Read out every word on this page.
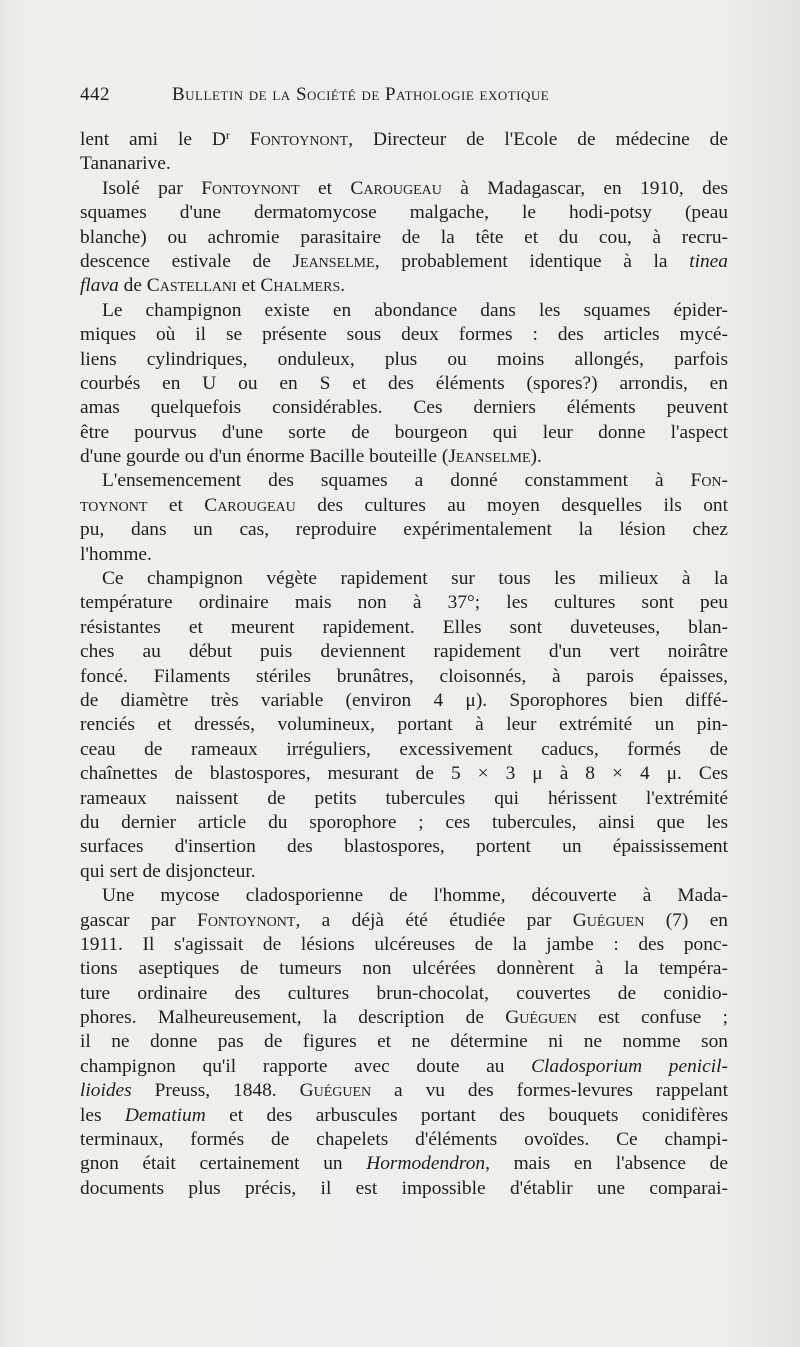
442	Bulletin de la Société de Pathologie exotique
lent ami le $D^r$ Fontoynont, Directeur de l'Ecole de médecine de
Tananarive.
Isolé par Fontoynont et Carougeau à Madagascar, en 1910, des
squames d'une dermatomycose malgache, le hodi-potsy (peau
blanche) ou achromie parasitaire de la tête et du cou, à recru-
descence estivale de Jeanselme, probablement identique à la tinea
flava de Castellani et Chalmers.
Le champignon existe en abondance dans les squames épider-
miques où il se présente sous deux formes : des articles mycé-
liens cylindriques, onduleux, plus ou moins allongés, parfois
courbés en U ou en S et des éléments (spores?) arrondis, en
amas quelquefois considérables. Ces derniers éléments peuvent
être pourvus d'une sorte de bourgeon qui leur donne l'aspect
d'une gourde ou d'un énorme Bacille bouteille (Jeanselme).
L'ensemencement des squames a donné constamment à Fon-
toynont et Carougeau des cultures au moyen desquelles ils ont
pu, dans un cas, reproduire expérimentalement la lésion chez
l'homme.
Ce champignon végète rapidement sur tous les milieux à la
température ordinaire mais non à 37°; les cultures sont peu
résistantes et meurent rapidement. Elles sont duveteuses, blan-
ches au début puis deviennent rapidement d'un vert noirâtre
foncé. Filaments stériles brunâtres, cloisonnés, à parois épaisses,
de diamètre très variable (environ 4 μ). Sporophores bien diffé-
renciés et dressés, volumineux, portant à leur extrémité un pin-
ceau de rameaux irréguliers, excessivement caducs, formés de
chaînettes de blastospores, mesurant de 5 × 3 μ à 8 × 4 μ. Ces
rameaux naissent de petits tubercules qui hérissent l'extrémité
du dernier article du sporophore ; ces tubercules, ainsi que les
surfaces d'insertion des blastospores, portent un épaississement
qui sert de disjoncteur.
Une mycose cladosporienne de l'homme, découverte à Mada-
gascar par Fontoynont, a déjà été étudiée par Guéguen (7) en
1911. Il s'agissait de lésions ulcéreuses de la jambe : des ponc-
tions aseptiques de tumeurs non ulcérées donnèrent à la tempéra-
ture ordinaire des cultures brun-chocolat, couvertes de conidio-
phores. Malheureusement, la description de Guéguen est confuse ;
il ne donne pas de figures et ne détermine ni ne nomme son
champignon qu'il rapporte avec doute au Cladosporium penicil-
lioides Preuss, 1848. Guéguen a vu des formes-levures rappelant
les Dematium et des arbuscules portant des bouquets conidifères
terminaux, formés de chapelets d'éléments ovoïdes. Ce champi-
gnon était certainement un Hormodendron, mais en l'absence de
documents plus précis, il est impossible d'établir une comparai-
